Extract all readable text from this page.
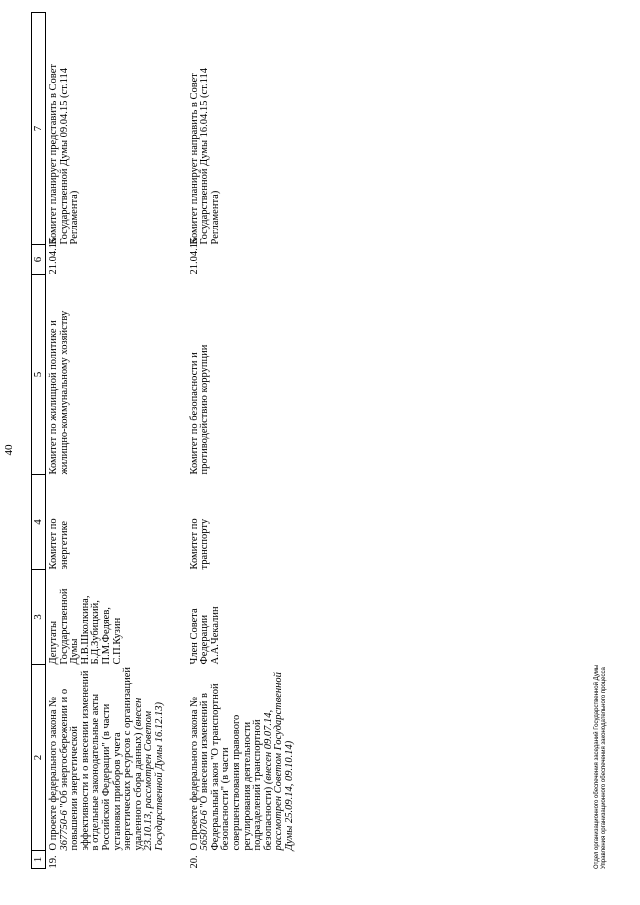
40
1	2	3	4	5	6	7
19.	О проекте федерального закона № 367750-6 "Об энергосбережении и о повышении энергетической эффективности и о внесении изменений в отдельные законодательные акты Российской Федерации" (в части установки приборов учета энергетических ресурсов с организацией удаленного сбора данных) (внесен 23.10.13, рассмотрен Советом Государственной Думы 16.12.13)	Депутаты Государственной Думы Н.В.Школкина, Б.Д.Зубицкий, П.М.Федяев, С.П.Кузин	Комитет по энергетике	Комитет по жилищной политике и жилищно-коммунальному хозяйству	21.04.15	Комитет планирует представить в Совет Государственной Думы 09.04.15 (ст.114 Регламента)
20.	О проекте федерального закона № 565070-6 "О внесении изменений в Федеральный закон "О транспортной безопасности" (в части совершенствования правового регулирования деятельности подразделений транспортной безопасности) (внесен 09.07.14, рассмотрен Советом Государственной Думы 25.09.14, 09.10.14)	Член Совета Федерации А.А.Чекалин	Комитет по транспорту	Комитет по безопасности и противодействию коррупции	21.04.15	Комитет планирует направить в Совет Государственной Думы 16.04.15 (ст.114 Регламента)
Отдел организационного обеспечения заседаний Государственной Думы Управления организационного обеспечения законодательного процесса
